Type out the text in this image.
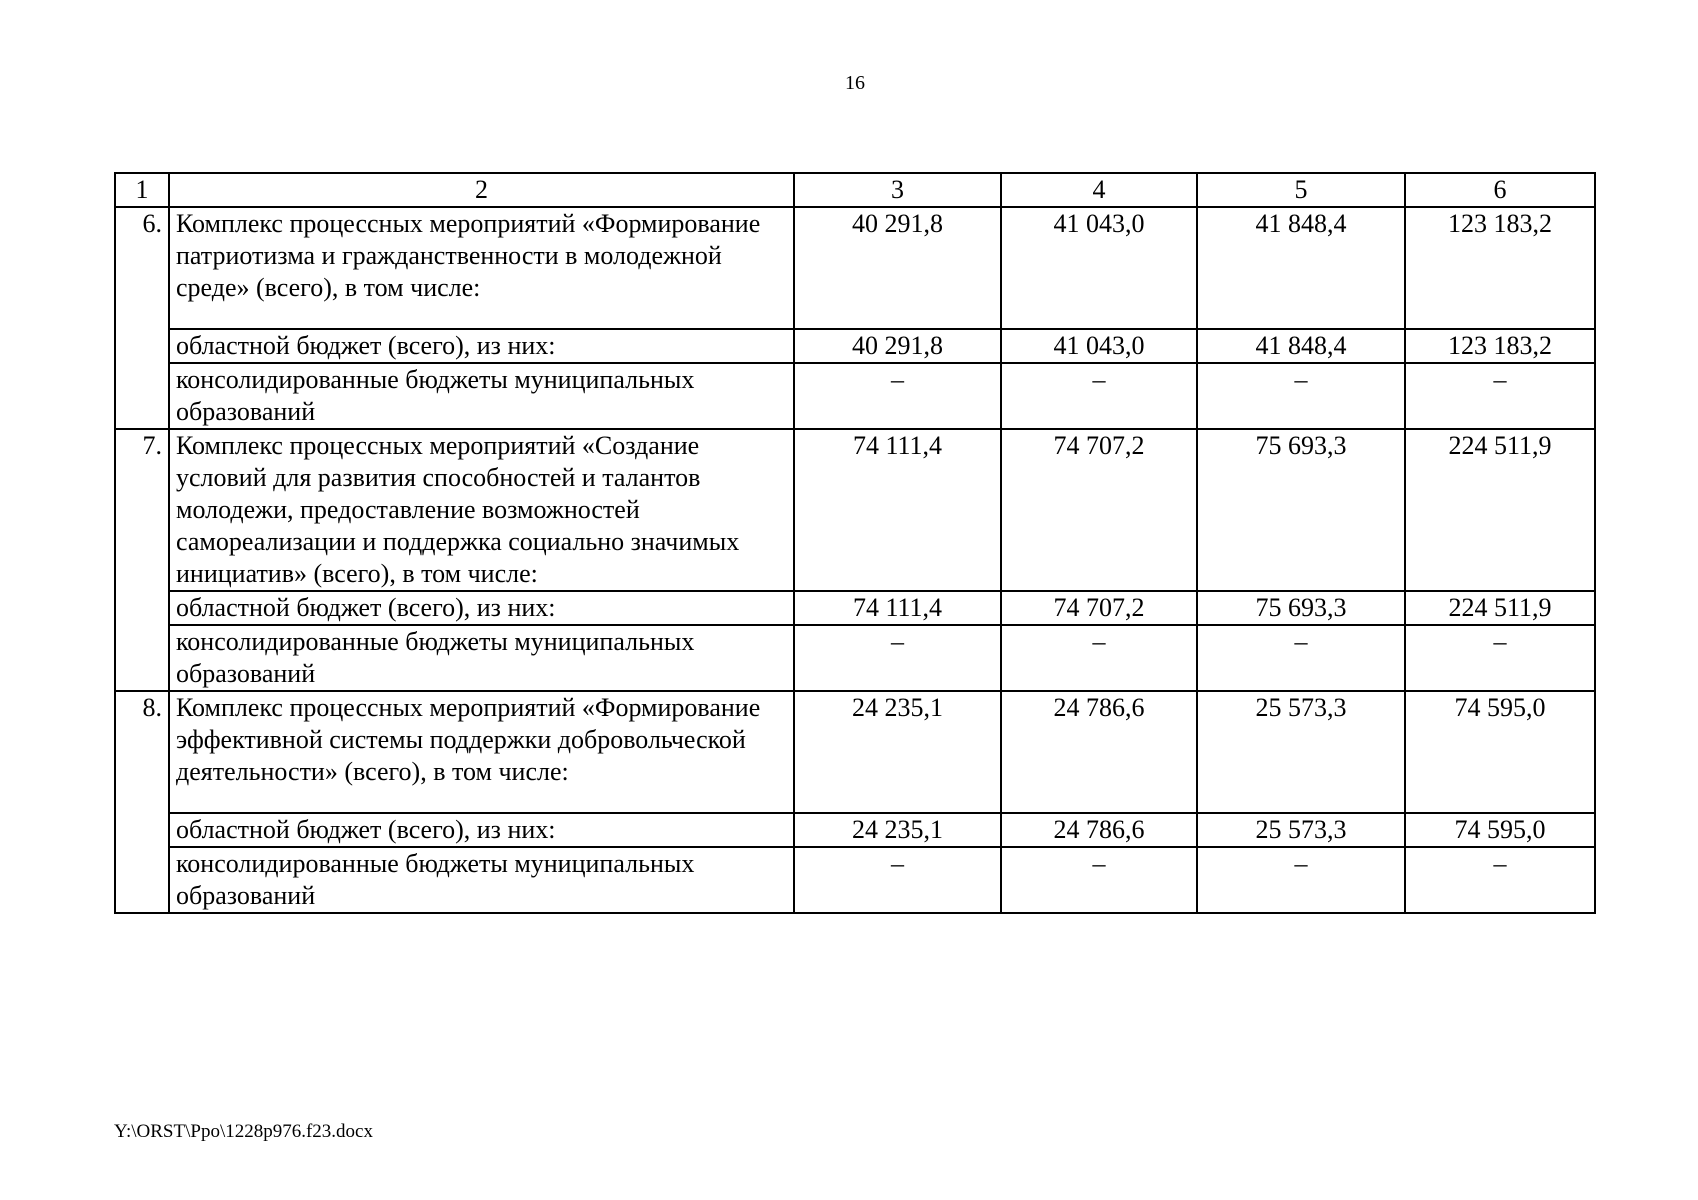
16
1	2	3	4	5	6
6.	Комплекс процессных мероприятий «Формирование патриотизма и гражданственности в молодежной среде» (всего), в том числе:	40 291,8	41 043,0	41 848,4	123 183,2
	областной бюджет (всего), из них:	40 291,8	41 043,0	41 848,4	123 183,2
	консолидированные бюджеты муниципальных образований	–	–	–	–
7.	Комплекс процессных мероприятий «Создание условий для развития способностей и талантов молодежи, предоставление возможностей самореализации и поддержка социально значимых инициатив» (всего), в том числе:	74 111,4	74 707,2	75 693,3	224 511,9
	областной бюджет (всего), из них:	74 111,4	74 707,2	75 693,3	224 511,9
	консолидированные бюджеты муниципальных образований	–	–	–	–
8.	Комплекс процессных мероприятий «Формирование эффективной системы поддержки добровольческой деятельности» (всего), в том числе:	24 235,1	24 786,6	25 573,3	74 595,0
	областной бюджет (всего), из них:	24 235,1	24 786,6	25 573,3	74 595,0
	консолидированные бюджеты муниципальных образований	–	–	–	–
Y:\ORST\Ppo\1228p976.f23.docx
